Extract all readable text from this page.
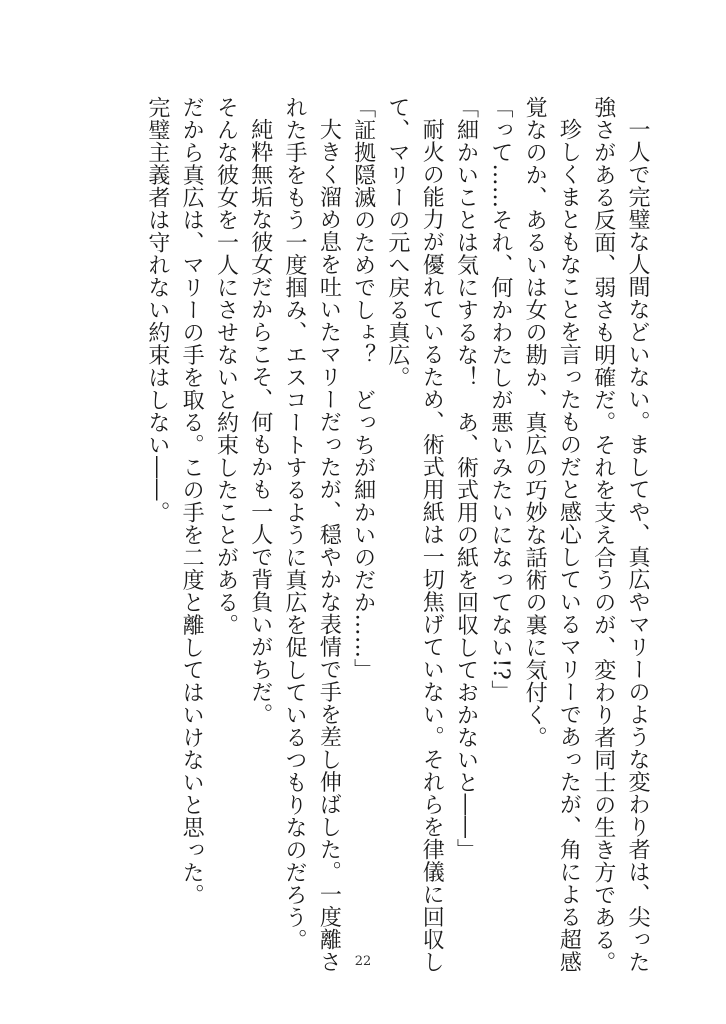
一人で完璧な人間などいない。ましてや、真広やマリーのような変わり者は、尖った

強さがある反面、弱さも明確だ。それを支え合うのが、変わり者同士の生き方である。

珍しくまともなことを言ったものだと感心しているマリーであったが、角による超感

覚なのか、あるいは女の勘か、真広の巧妙な話術の裏に気付く。

「って……それ、何かわたしが悪いみたいになってない!?」

「細かいことは気にするな！　あ、術式用の紙を回収しておかないと――」

耐火の能力が優れているため、術式用紙は一切焦げていない。それらを律儀に回収し

て、マリーの元へ戻る真広。

「証拠隠滅のためでしょ？　どっちが細かいのだか……」

大きく溜め息を吐いたマリーだったが、穏やかな表情で手を差し伸ばした。一度離さ

れた手をもう一度掴み、エスコートするように真広を促しているつもりなのだろう。

純粋無垢な彼女だからこそ、何もかも一人で背負いがちだ。

そんな彼女を一人にさせないと約束したことがある。

だから真広は、マリーの手を取る。この手を二度と離してはいけないと思った。

完璧主義者は守れない約束はしない――。

22
